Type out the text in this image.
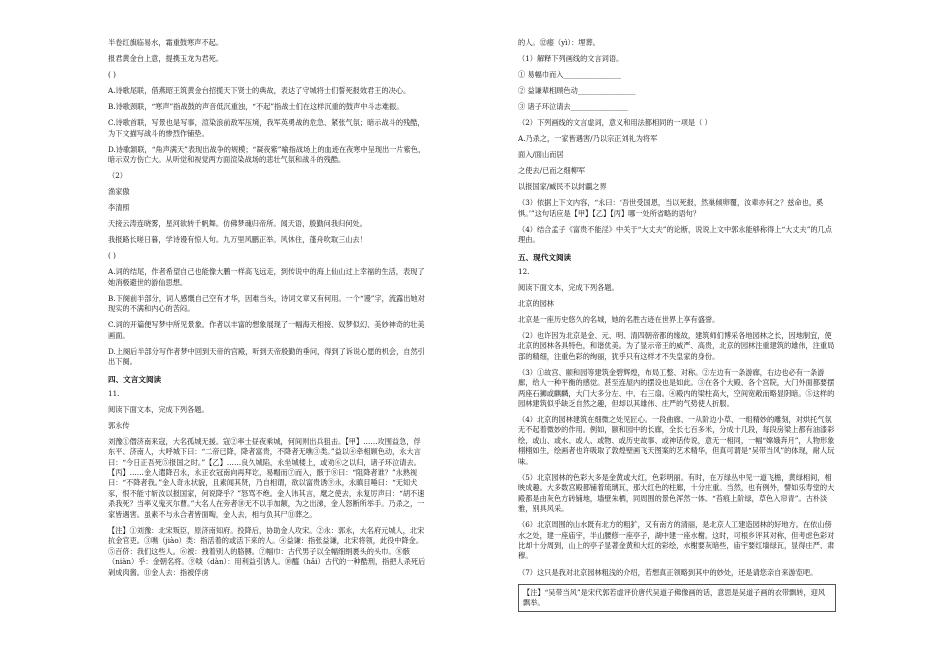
半卷红旗临易水，霜重鼓寒声不起。

报君黄金台上意，提携玉龙为君死。

( )

A.诗歌尾联，借燕昭王筑黄金台招揽天下贤士的典故，表达了守城将士们誓死报效君王的决心。

B.诗歌颈联，“寒声”指战鼓的声音低沉重浊，“不起”指战士们在这样沉重的鼓声中斗志难振。

C.诗歌首联，写景也是写事，渲染浪前敌军压境，我军英勇战的危急、紧张气氛；暗示战斗的残酷，为下文描写战斗的惨烈作铺垫。

D.诗歌颔联，“角声满天”表现出战争的规模；“凝夜紫”喻指战场上的血迹在夜寒中呈现出一片紫色，暗示双方伤亡大。从听觉和视觉两方面渲染战场的悲壮气氛和战斗的残酷。

（2）

渔家傲

李清照

天接云涛连晓雾，星河欲转千帆舞。仿佛梦魂归帝所。闻天语，殷勤问我归何处。

我报路长嗟日暮，学诗谩有惊人句。九万里风鹏正举。风休住，蓬舟吹取三山去！

( )

A.词的结尾，作者希望自己也能像大鹏一样高飞远走，到传说中的海上仙山过上幸福的生活，表现了她消极避世的游仙思想。

B.下阕前半部分，词人感慨自己空有才华，因难当头，诗词文章又有何用。一个“谩”字，流露出她对现实的不满和内心的苦闷。

C.词的开篇便写梦中所见景象。作者以丰富的想象展现了一幅海天相接、奴梦似幻、美妙神奇的壮美画面。

D.上阕后半部分写作者梦中回到天帝的宫殿，听到天帝殷勤的垂问，得到了诉说心愿的机会，自然引出下阕。

四、文言文阅读

11.

阅读下面文本，完成下列各题。

郭永传

刘豫①僭济南来寇，大名孤城无援。寇②率士昼夜乘城，何间则出兵狙击。【甲】……攻围益急，俘东平、济南人，大呼城下曰：“二帝已降，降者富贵，不降者无噍③类。”益以④牵相顾色动，永大言曰：“今日正吾死⑤报国之时。”【乙】……良久城陷，永坐城楼上，或劝⑥之以归，诸子环泣请去。【丙】……金人遣降召永，永正衣冠南向再拜讫，易帽而⑦而入，骸于⑧曰：“阻降者谁？”永熟视曰：“不降者我。”金人奇永状貌，且素闻其贤，乃自相谓，欲以富贵诱⑨永，永瞋目唾曰：“无知犬豕，恨不能寸斩汝以报国家，何说降乎？”怒骂不绝。金人讳其言，麾之使去，永复厉声曰：“胡不速杀我死？当率义鬼灭尔曹。”大名人在旁者⑩无不以手加额，为之出涕，金人怒断所举手。乃杀之，一家皆遇害。虽素不与永合者皆面啕，金人去，相与负其尸⑪葬之。

【注】①刘豫：北宋叛臣，原济南知府。投降后，协助金人攻宋。②永：郭永，大名府元城人，北宋抗金官吏。③噍（jiào）类：指活着的或活下来的人。④益谦：指张益谦，北宋将领，此役中降金。⑤百侪：我们这些人。⑥被：拽着别人的胳膊。⑦幅巾：古代男子以全幅细绢裹头的头巾。⑧骸（niàn）乎：金朝名将。⑨啖（dàn）：用利益引诱人。⑩醯（hǎi）古代的一种酷刑，指把人杀死后剁成肉酱。⑪金人去：指被俘虏

的人。⑫瘗（yì）：埋葬。

（1）解释下列画线的文言词语。

① 易幅巾而入________________

② 益谦辈相顾色动________________

③ 诸子环泣请去________________

（2）下列画线的文言虚词，意义和用法都相同的一项是（ ）

A.乃杀之，一家皆遇害/乃以宗正刘礼为将军

面入/面山而居

之使去/已而之细柳军

以报国家/臧民不以封疆之界

（3）依据上下文内容，“永曰：‘吾世受国恩，当以死报，然巢倾卵覆，汝辈亦何之？兹命也，奚惧。’”这句话应是【甲】【乙】【丙】哪一处所省略的语句？

（4）结合孟子《富贵不能淫》中关于“大丈夫”的论断，说说上文中郭永能够称得上“大丈夫”的几点理由。

五、现代文阅读

12.

阅读下面文本，完成下列各题。

北京的园林

北京是一座历史悠久的名城，她的名胜古迹在世界上享有盛誉。

（2）也许因为北京是金、元、明、清四朝帝都的缘故，建筑师们博采各地园林之长，因地制宜，使北京的园林各具特色，和谐优美。为了显示帝王的威严、高贵，北京的园林注重建筑的雄伟，注重局部的精细，注重色彩的绚丽，犹乎只有这样才不失皇家的身份。

（3）①故宫、颐和园等建筑金碧辉煌，布局工整、对称。②左边有一条游廊，右边也必有一条游廊，给人一种平衡的感觉。甚至连屋内的摆设也是如此。③在各个大殿、各个宫院，大门外面都要摆两座石狮或麒麟，大门大多分左、中、右三扇。④殿内的梁柱高大，空间宽敞而略显阴暗。⑤这样的园林建筑似乎缺乏自然之趣，但却以其雄伟、庄严的气势使人折服。

（4）北京的园林建筑在细微之处见匠心。一段曲廊、一从阶边小草、一组精妙的雕刻，对烘托气氛无不起着微妙的作用。例如，颐和园中的长廊，全长七百多米，分成十几段，每段房梁上都有油漆彩绘，或山、或水、或人、或物、或历史故事、或神话传说，意无一相同，一幅“嫦娥奔月”，人物形象栩栩如生，绘画者也许吸取了敦煌壁画飞天图案的艺术精华，但真可谓是“吴带当风”的体现，耐人玩味。

（5）北京园林的色彩大多是金黄或大红，色彩明丽。有时，在万绿丛中见一道飞檐，黄绿相间，相映成趣。大多数宫殿都铺着琉璃瓦，那大红色的柱廊，十分庄重。当然，也有例外，譬如乐寿堂的大殿都是由灰色方砖铺地，墙壁朱栖，同周围的景色浑然一体。“苔痕上阶绿，草色入帘青”。古朴淡雅，别具风采。

（6）北京周围的山水既有北方的粗犷，又有南方的清丽，是北京人工建造园林的好地方。在依山傍水之处，建一座庙宇，半山腰修一座亭子，湖中建一座水榭。这时，可根乡评其对称，但考虑色彩对比却十分周到，山上的亭子显著金黄和大红的彩绘，水榭要灰暗些，庙宇要红墙绿瓦，显得庄严、肃穆。

（7）这只是我对北京园林粗浅的介绍，若想真正领略到其中的妙处，还是请您亲自来游览吧。

【注】“吴带当风”是宋代郭若虚评价唐代吴道子佛像画的话，意思是吴道子画的衣带飘转，迎风飘举。
